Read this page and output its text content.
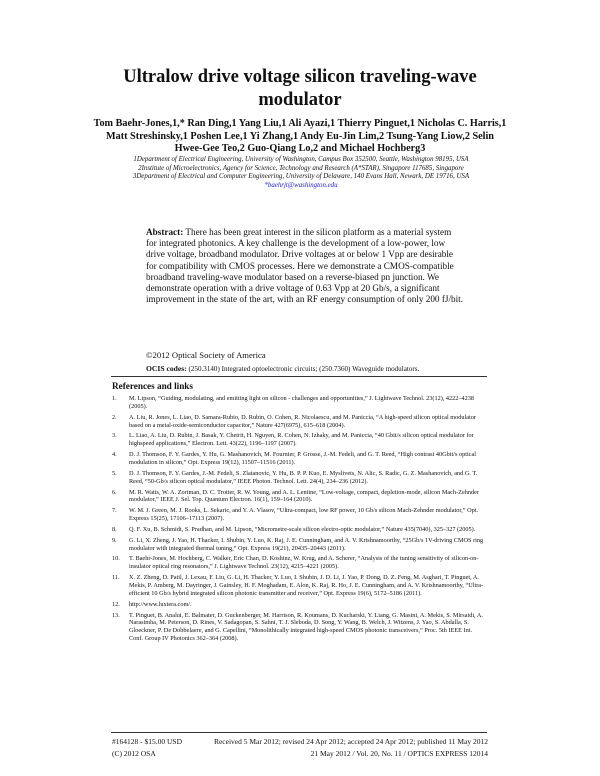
Ultralow drive voltage silicon traveling-wave modulator
Tom Baehr-Jones,1,* Ran Ding,1 Yang Liu,1 Ali Ayazi,1 Thierry Pinguet,1 Nicholas C. Harris,1 Matt Streshinsky,1 Poshen Lee,1 Yi Zhang,1 Andy Eu-Jin Lim,2 Tsung-Yang Liow,2 Selin Hwee-Gee Teo,2 Guo-Qiang Lo,2 and Michael Hochberg3

1Department of Electrical Engineering, University of Washington, Campus Box 352500, Seattle, Washington 98195, USA

2Institute of Microelectronics, Agency for Science, Technology and Research (A*STAR), Singapore 117685, Singapore

3Department of Electrical and Computer Engineering, University of Delaware, 140 Evans Hall, Newark, DE 19716, USA

*baehrjt@washington.edu

Abstract: There has been great interest in the silicon platform as a material system for integrated photonics. A key challenge is the development of a low-power, low drive voltage, broadband modulator. Drive voltages at or below 1 Vpp are desirable for compatibility with CMOS processes. Here we demonstrate a CMOS-compatible broadband traveling-wave modulator based on a reverse-biased pn junction. We demonstrate operation with a drive voltage of 0.63 Vpp at 20 Gb/s, a significant improvement in the state of the art, with an RF energy consumption of only 200 fJ/bit.
©2012 Optical Society of America
OCIS codes: (250.3140) Integrated optoelectronic circuits; (250.7360) Waveguide modulators.
References and links
1.	M. Lipson, “Guiding, modulating, and emitting light on silicon - challenges and opportunities,” J. Lightwave Technol. 23(12), 4222–4238 (2005).
2.	A. Liu, R. Jones, L. Liao, D. Samara-Rubio, D. Rubin, O. Cohen, R. Nicolaescu, and M. Paniccia, “A high-speed silicon optical modulator based on a metal-oxide-semiconductor capacitor,” Nature 427(6975), 615–618 (2004).
3.	L. Liao, A. Liu, D. Rubin, J. Basak, Y. Chetrit, H. Nguyen, R. Cohen, N. Izhaky, and M. Paniccia, “40 Gbit/s silicon optical modulator for highspeed applications,” Electron. Lett. 43(22), 1196–1197 (2007).
4.	D. J. Thomson, F. Y. Gardes, Y. Hu, G. Mashanovich, M. Fournier, P. Grosse, J.-M. Fedeli, and G. T. Reed, “High contrast 40Gbit/s optical modulation in silicon,” Opt. Express 19(12), 11507–11516 (2011).
5.	D. J. Thomson, F. Y. Gardes, J.-M. Fedeli, S. Zlatanovic, Y. Hu, B. P. P. Kuo, E. Myslivets, N. Alic, S. Radic, G. Z. Mashanovich, and G. T. Reed, “50-Gb/s silicon optical modulator,” IEEE Photon. Technol. Lett. 24(4), 234–236 (2012).
6.	M. R. Watts, W. A. Zortman, D. C. Trotter, R. W. Young, and A. L. Lentine, “Low-voltage, compact, depletion-mode, silicon Mach-Zehnder modulator,” IEEE J. Sel. Top. Quantum Electron. 16(1), 159–164 (2010).
7.	W. M. J. Green, M. J. Rooks, L. Sekaric, and Y. A. Vlasov, “Ultra-compact, low RF power, 10 Gb/s silicon Mach-Zehnder modulator,” Opt. Express 15(25), 17106–17113 (2007).
8.	Q. F. Xu, B. Schmidt, S. Pradhan, and M. Lipson, “Micrometre-scale silicon electro-optic modulator,” Nature 435(7040), 325–327 (2005).
9.	G. Li, X. Zheng, J. Yao, H. Thacker, I. Shubin, Y. Luo, K. Raj, J. E. Cunningham, and A. V. Krishnamoorthy, “25Gb/s 1V-driving CMOS ring modulator with integrated thermal tuning,” Opt. Express 19(21), 20435–20443 (2011).
10.	T. Baehr-Jones, M. Hochberg, C. Walker, Eric Chan, D. Koshinz, W. Krug, and A. Scherer, “Analysis of the tuning sensitivity of silicon-on-insulator optical ring resonators,” J. Lightwave Technol. 23(12), 4215–4221 (2005).
11.	X. Z. Zheng, D. Patil, J. Lexau, F. Liu, G. Li, H. Thacker, Y. Luo, I. Shubin, J. D. Li, J. Yao, P. Dong, D. Z. Feng, M. Asghari, T. Pinguet, A. Mekis, P. Amberg, M. Dayringer, J. Gainsley, H. F. Moghadam, E. Alon, K. Raj, R. Ho, J. E. Cunningham, and A. V. Krishnamoorthy, “Ultra-efficient 10 Gb/s hybrid integrated silicon photonic transmitter and receiver,” Opt. Express 19(6), 5172–5186 (2011).
12.	http://www.luxtera.com/.
13.	T. Pinguet, B. Analui, E. Balmater, D. Guckenberger, M. Harrison, R. Koumans, D. Kucharski, Y. Liang, G. Masini, A. Mekis, S. Mirsaidi, A. Narasimha, M. Peterson, D. Rines, V. Sadagopan, S. Sahni, T. J. Sleboda, D. Song, Y. Wang, B. Welch, J. Witzens, J. Yao, S. Abdalla, S. Gloeckner, P. De Dobbelaere, and G. Capellini, “Monolithically integrated high-speed CMOS photonic transceivers,” Proc. 5th IEEE Int. Conf. Group IV Photonics 362–364 (2008).
#164128 - $15.00 USD	Received 5 Mar 2012; revised 24 Apr 2012; accepted 24 Apr 2012; published 11 May 2012
(C) 2012 OSA	21 May 2012 / Vol. 20, No. 11 / OPTICS EXPRESS 12014
